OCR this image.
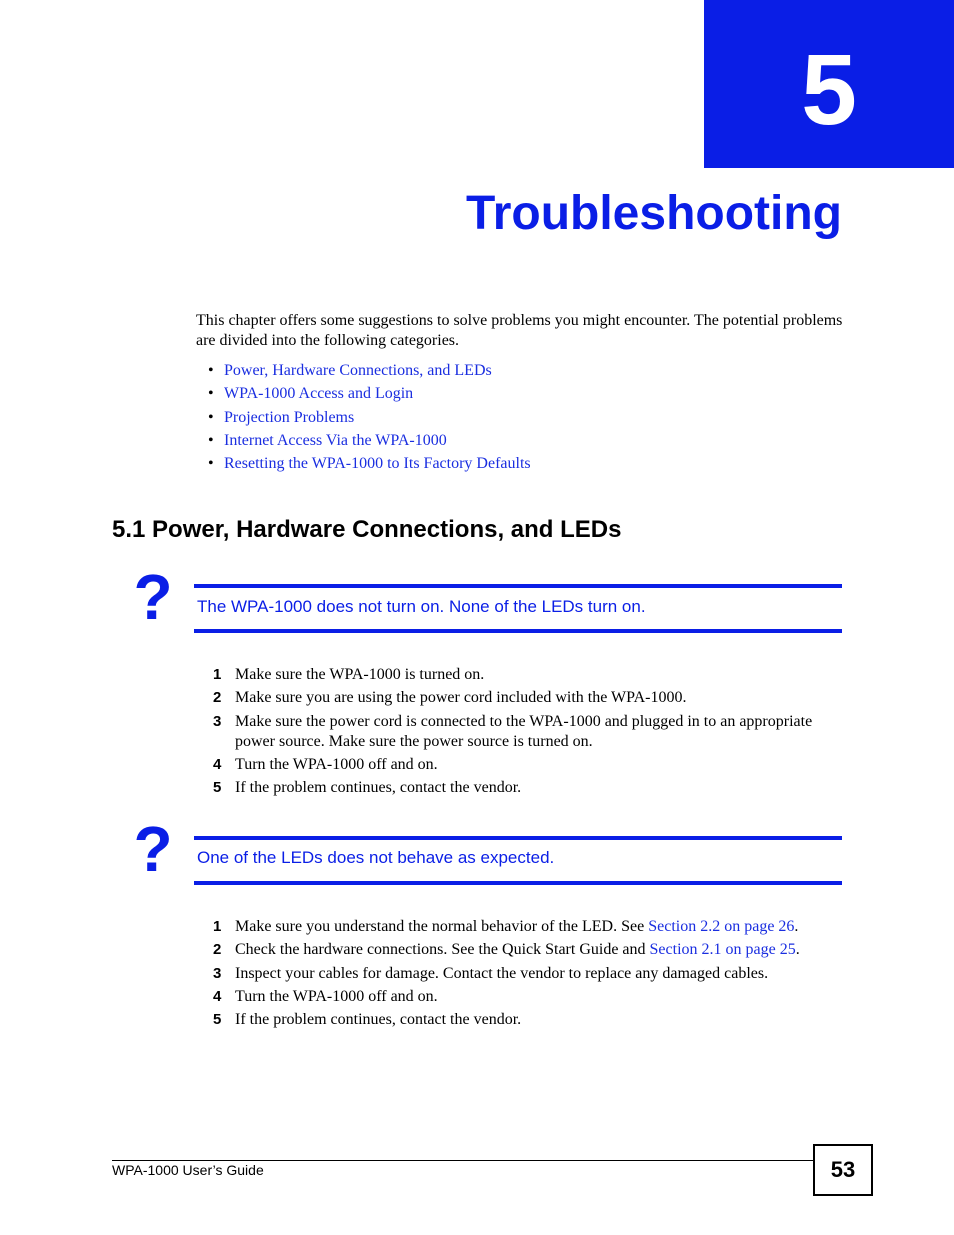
5
Troubleshooting

This chapter offers some suggestions to solve problems you might encounter. The potential problems are divided into the following categories.

• Power, Hardware Connections, and LEDs
• WPA-1000 Access and Login
• Projection Problems
• Internet Access Via the WPA-1000
• Resetting the WPA-1000 to Its Factory Defaults
5.1 Power, Hardware Connections, and LEDs
? The WPA-1000 does not turn on. None of the LEDs turn on.
1 Make sure the WPA-1000 is turned on.
2 Make sure you are using the power cord included with the WPA-1000.
3 Make sure the power cord is connected to the WPA-1000 and plugged in to an appropriate power source. Make sure the power source is turned on.
4 Turn the WPA-1000 off and on.
5 If the problem continues, contact the vendor.
? One of the LEDs does not behave as expected.
1 Make sure you understand the normal behavior of the LED. See Section 2.2 on page 26.
2 Check the hardware connections. See the Quick Start Guide and Section 2.1 on page 25.
3 Inspect your cables for damage. Contact the vendor to replace any damaged cables.
4 Turn the WPA-1000 off and on.
5 If the problem continues, contact the vendor.
WPA-1000 User’s Guide	53
